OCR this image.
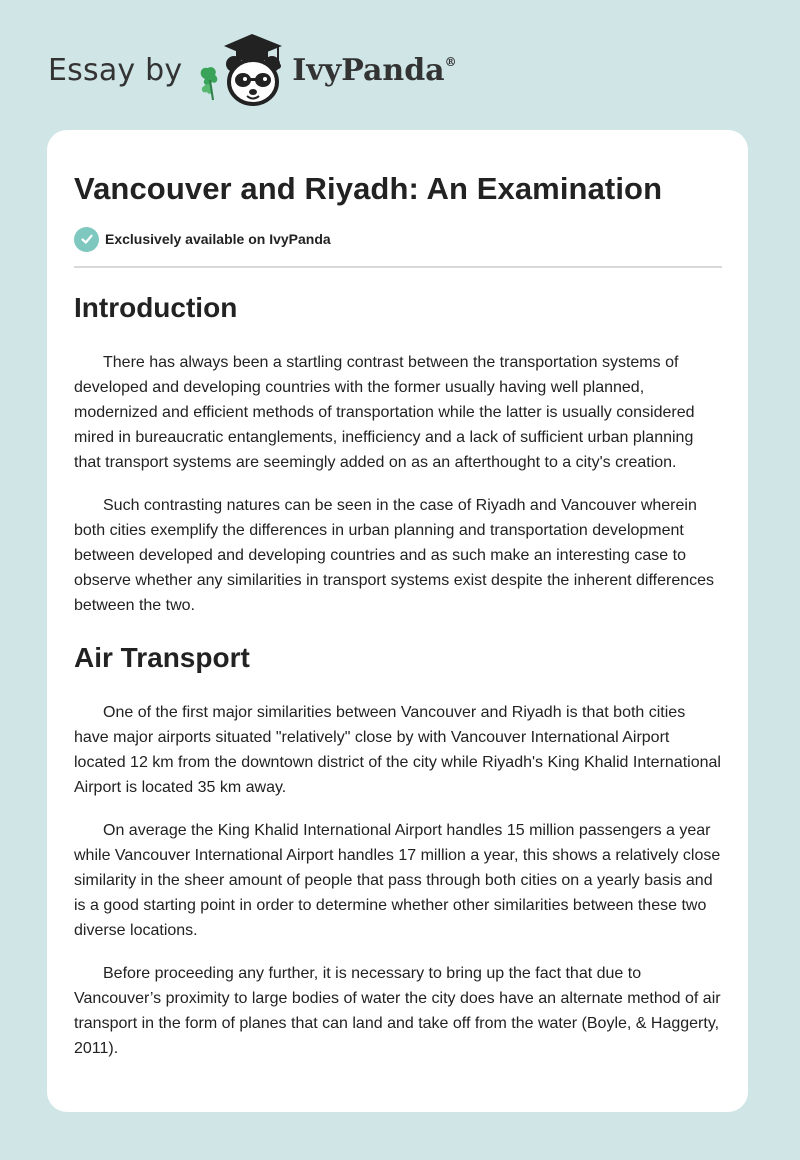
Essay by	IvyPanda®
Vancouver and Riyadh: An Examination
Exclusively available on IvyPanda
Introduction

There has always been a startling contrast between the transportation systems of developed and developing countries with the former usually having well planned, modernized and efficient methods of transportation while the latter is usually considered mired in bureaucratic entanglements, inefficiency and a lack of sufficient urban planning that transport systems are seemingly added on as an afterthought to a city's creation.

Such contrasting natures can be seen in the case of Riyadh and Vancouver wherein both cities exemplify the differences in urban planning and transportation development between developed and developing countries and as such make an interesting case to observe whether any similarities in transport systems exist despite the inherent differences between the two.

Air Transport

One of the first major similarities between Vancouver and Riyadh is that both cities have major airports situated "relatively" close by with Vancouver International Airport located 12 km from the downtown district of the city while Riyadh's King Khalid International Airport is located 35 km away.

On average the King Khalid International Airport handles 15 million passengers a year while Vancouver International Airport handles 17 million a year, this shows a relatively close similarity in the sheer amount of people that pass through both cities on a yearly basis and is a good starting point in order to determine whether other similarities between these two diverse locations.

Before proceeding any further, it is necessary to bring up the fact that due to Vancouver’s proximity to large bodies of water the city does have an alternate method of air transport in the form of planes that can land and take off from the water (Boyle, & Haggerty, 2011).
